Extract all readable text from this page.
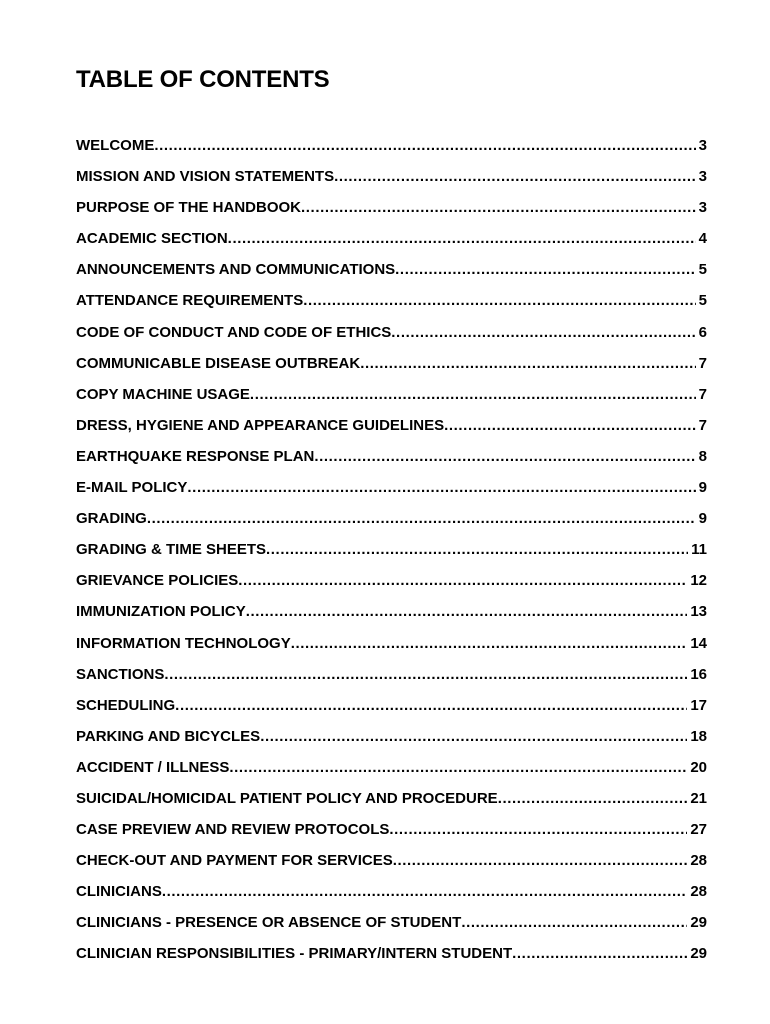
TABLE OF CONTENTS
WELCOME .....	3
MISSION AND VISION STATEMENTS .....	3
PURPOSE OF THE HANDBOOK .....	3
ACADEMIC SECTION .....	4
ANNOUNCEMENTS AND COMMUNICATIONS .....	5
ATTENDANCE REQUIREMENTS .....	5
CODE OF CONDUCT AND CODE OF ETHICS .....	6
COMMUNICABLE DISEASE OUTBREAK .....	7
COPY MACHINE USAGE .....	7
DRESS, HYGIENE AND APPEARANCE GUIDELINES .....	7
EARTHQUAKE RESPONSE PLAN .....	8
E-MAIL POLICY .....	9
GRADING .....	9
GRADING & TIME SHEETS .....	11
GRIEVANCE POLICIES .....	12
IMMUNIZATION POLICY .....	13
INFORMATION TECHNOLOGY .....	14
SANCTIONS .....	16
SCHEDULING .....	17
PARKING AND BICYCLES .....	18
ACCIDENT / ILLNESS .....	20
SUICIDAL/HOMICIDAL PATIENT POLICY AND PROCEDURE .....	21
CASE PREVIEW AND REVIEW PROTOCOLS .....	27
CHECK-OUT AND PAYMENT FOR SERVICES .....	28
CLINICIANS .....	28
CLINICIANS - PRESENCE OR ABSENCE OF STUDENT .....	29
CLINICIAN RESPONSIBILITIES - PRIMARY/INTERN STUDENT .....	29
